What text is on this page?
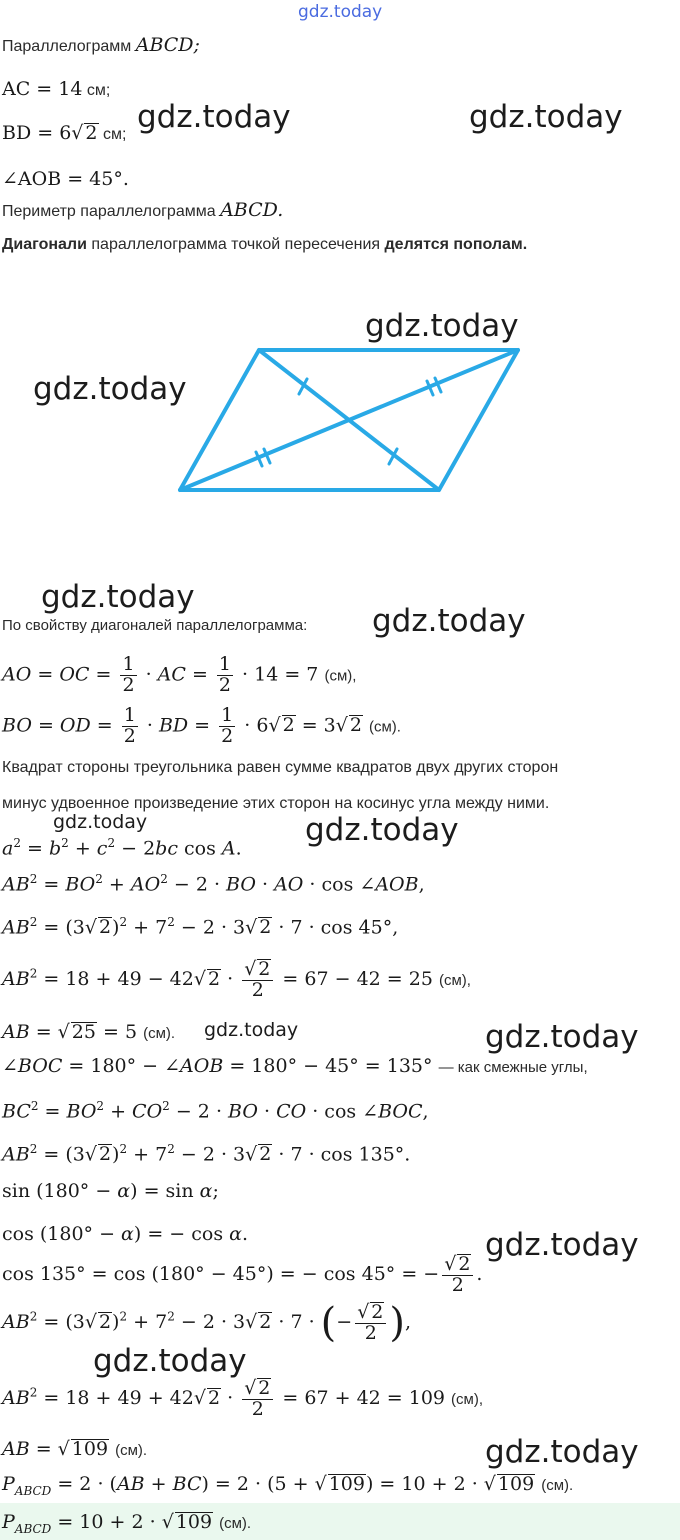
gdz.today
Параллелограмм ABCD;
AC = 14 см;
BD = 6√ 2 см;
∠AOB = 45°.
Периметр параллелограмма ABCD.
Диагонали параллелограмма точкой пересечения делятся пополам.
gdz.today	gdz.today
gdz.today
gdz.today
gdz.today
По свойству диагоналей параллелограмма: gdz.today
AO = OC = $\frac{1}{2}$ · AC = $\frac{1}{2} \cdot 14 = 7$ (см),
BO = OD = $\frac{1}{2}$ · BD = $\frac{1}{2} \cdot 6√$ 2 = 3√ 2 (см).
Квадрат стороны треугольника равен сумме квадратов двух других сторон
минус удвоенное произведение этих сторон на косинус угла между ними.
gdz.today	gdz.today
$a^2 = b^2 + c^2 - 2bc$ cos A.
$AB^2 = BO^2 + AO^2 - 2$ · BO · AO · cos ∠AOB,
$AB^2 = (3√$ $2)^2 + 7^2 - 2 \cdot 3√$ 2 · 7 · cos 45°,
$AB^2 = 18 + 49 - 42√$ $2 \cdot \frac{√ 2}{2} = 67 - 42 = 25$ (см),
AB = √ 25 = 5 (см). gdz.today	gdz.today
∠BOC = 180° − ∠AOB = 180° − 45° = 135° — как смежные углы,
$BC^2 = BO^2 + CO^2 - 2$ · BO · CO · cos ∠BOC,
$AB^2 = (3√$ $2)^2 + 7^2 - 2 \cdot 3√$ 2 · 7 · cos 135°.
sin (180° − α) = sin α;
cos (180° − α) = − cos α.	gdz.today
cos 135° = cos (180° − 45°) = − cos 45° = − $\frac{√ 2}{2}$ .
$AB^2 = (3√$ $2)^2 + 7^2 - 2 \cdot 3√$ 2 · 7 · (− $\frac{√ 2}{2}$ ),
gdz.today
$AB^2 = 18 + 49 + 42√$ $2 \cdot \frac{√ 2}{2} = 67 + 42 = 109$ (см),
AB = √ 109 (см).	gdz.today
$P_{ABCD} = 2 \cdot (AB + BC) = 2 \cdot (5$ + √ 109) = 10 + 2 · √ 109 (см).
$P_{ABCD} = 10 + 2$ · √ 109 (см).
